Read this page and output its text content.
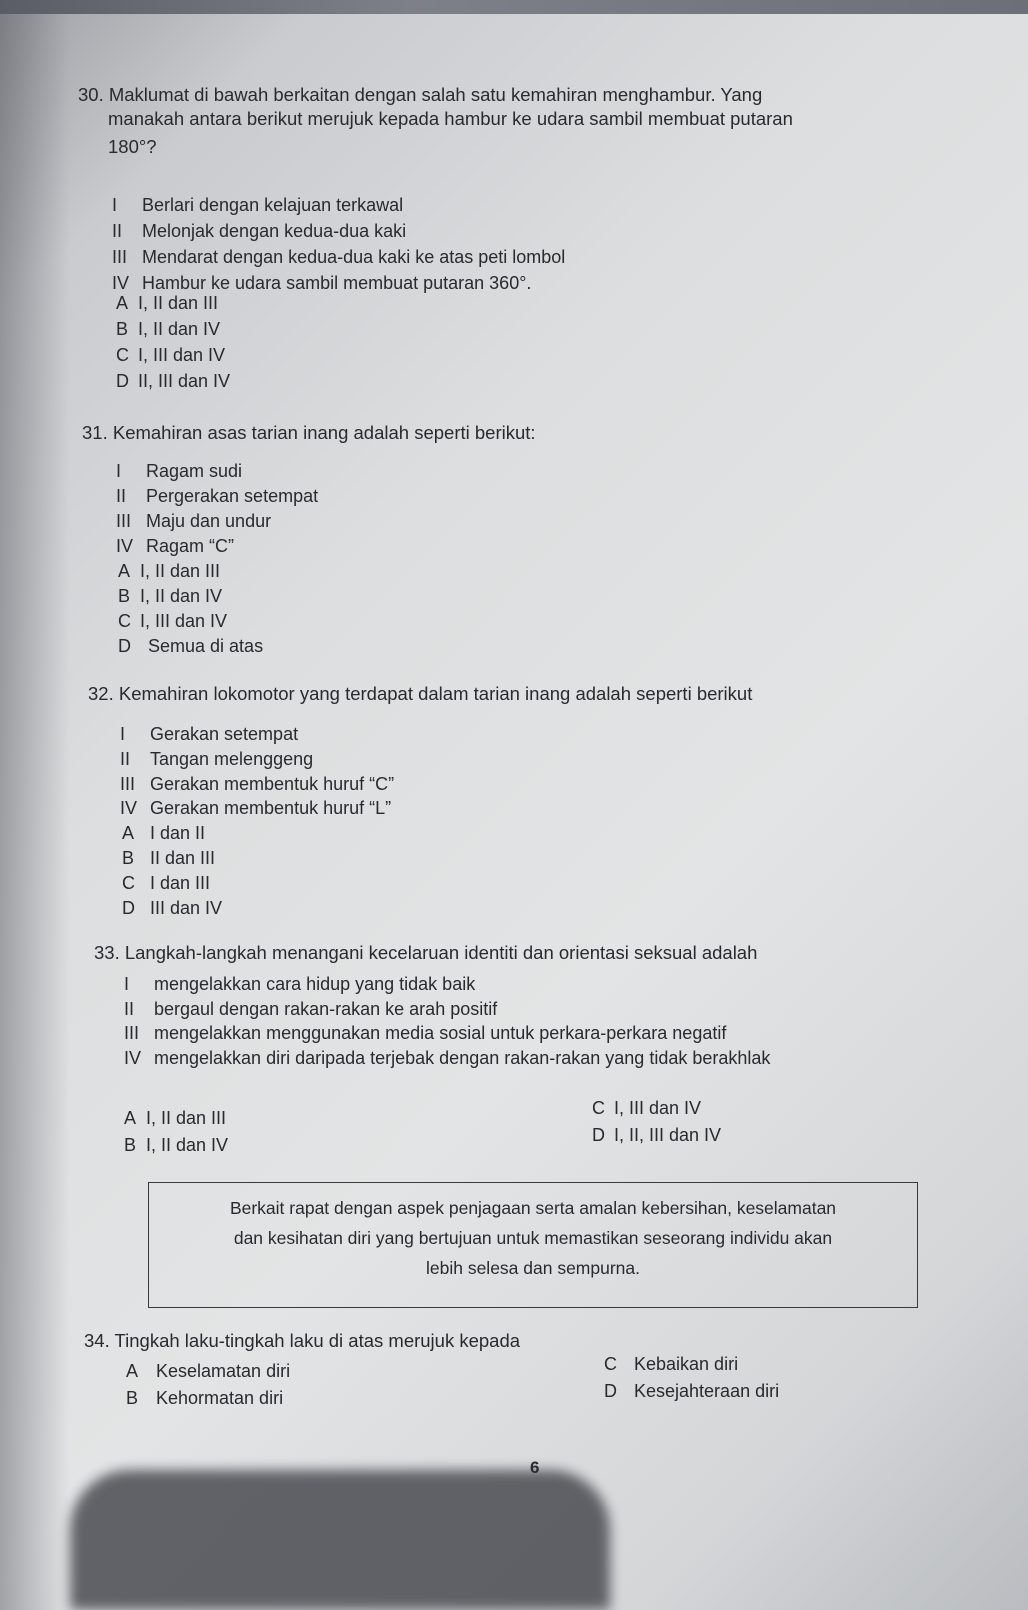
30. Maklumat di bawah berkaitan dengan salah satu kemahiran menghambur. Yang
manakah antara berikut merujuk kepada hambur ke udara sambil membuat putaran
180°?
I Berlari dengan kelajuan terkawal
II Melonjak dengan kedua-dua kaki
III Mendarat dengan kedua-dua kaki ke atas peti lombol
IV Hambur ke udara sambil membuat putaran 360°.
A I, II dan III
B I, II dan IV
C I, III dan IV
D II, III dan IV
31. Kemahiran asas tarian inang adalah seperti berikut:
I Ragam sudi
II Pergerakan setempat
III Maju dan undur
IV Ragam “C”
A I, II dan III
B I, II dan IV
C I, III dan IV
D Semua di atas
32. Kemahiran lokomotor yang terdapat dalam tarian inang adalah seperti berikut
I Gerakan setempat
II Tangan melenggeng
III Gerakan membentuk huruf “C”
IV Gerakan membentuk huruf “L”
A I dan II
B II dan III
C I dan III
D III dan IV
33. Langkah-langkah menangani kecelaruan identiti dan orientasi seksual adalah
I mengelakkan cara hidup yang tidak baik
II bergaul dengan rakan-rakan ke arah positif
III mengelakkan menggunakan media sosial untuk perkara-perkara negatif
IV mengelakkan diri daripada terjebak dengan rakan-rakan yang tidak berakhlak
A I, II dan III
B I, II dan IV
C I, III dan IV
D I, II, III dan IV
Berkait rapat dengan aspek penjagaan serta amalan kebersihan, keselamatan
dan kesihatan diri yang bertujuan untuk memastikan seseorang individu akan
lebih selesa dan sempurna.
34. Tingkah laku-tingkah laku di atas merujuk kepada
A Keselamatan diri
B Kehormatan diri
C Kebaikan diri
D Kesejahteraan diri
6
